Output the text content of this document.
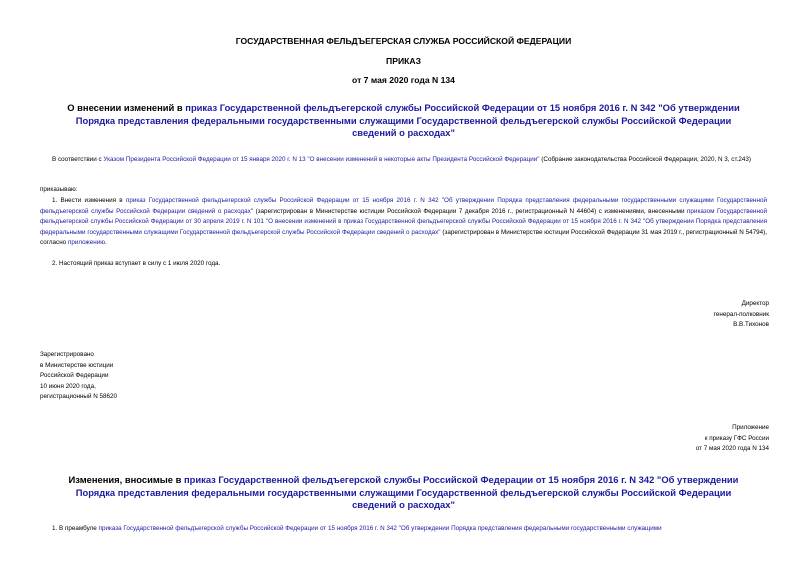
ГОСУДАРСТВЕННАЯ ФЕЛЬДЪЕГЕРСКАЯ СЛУЖБА РОССИЙСКОЙ ФЕДЕРАЦИИ
ПРИКАЗ
от 7 мая 2020 года N 134
О внесении изменений в приказ Государственной фельдъегерской службы Российской Федерации от 15 ноября 2016 г. N 342 "Об утверждении Порядка представления федеральными государственными служащими Государственной фельдъегерской службы Российской Федерации сведений о расходах"
В соответствии с Указом Президента Российской Федерации от 15 января 2020 г. N 13 "О внесении изменений в некоторые акты Президента Российской Федерации" (Собрание законодательства Российской Федерации, 2020, N 3, ст.243)
приказываю:
1. Внести изменения в приказ Государственной фельдъегерской службы Российской Федерации от 15 ноября 2016 г. N 342 "Об утверждении Порядка представления федеральными государственными служащими Государственной фельдъегерской службы Российской Федерации сведений о расходах" (зарегистрирован в Министерстве юстиции Российской Федерации 7 декабря 2016 г., регистрационный N 44604) с изменениями, внесенными приказом Государственной фельдъегерской службы Российской Федерации от 30 апреля 2019 г. N 101 "О внесении изменений в приказ Государственной фельдъегерской службы Российской Федерации от 15 ноября 2016 г. N 342 "Об утверждении Порядка представления федеральными государственными служащими Государственной фельдъегерской службы Российской Федерации сведений о расходах" (зарегистрирован в Министерстве юстиции Российской Федерации 31 мая 2019 г., регистрационный N 54794), согласно приложению.
2. Настоящий приказ вступает в силу с 1 июля 2020 года.
Директор
генерал-полковник
В.В.Тихонов
Зарегистрировано
в Министерстве юстиции
Российской Федерации
10 июня 2020 года,
регистрационный N 58620
Приложение
к приказу ГФС России
от 7 мая 2020 года N 134
Изменения, вносимые в приказ Государственной фельдъегерской службы Российской Федерации от 15 ноября 2016 г. N 342 "Об утверждении Порядка представления федеральными государственными служащими Государственной фельдъегерской службы Российской Федерации сведений о расходах"
1. В преамбуле приказа Государственной фельдъегерской службы Российской Федерации от 15 ноября 2016 г. N 342 "Об утверждении Порядка представления федеральными государственными служащими
